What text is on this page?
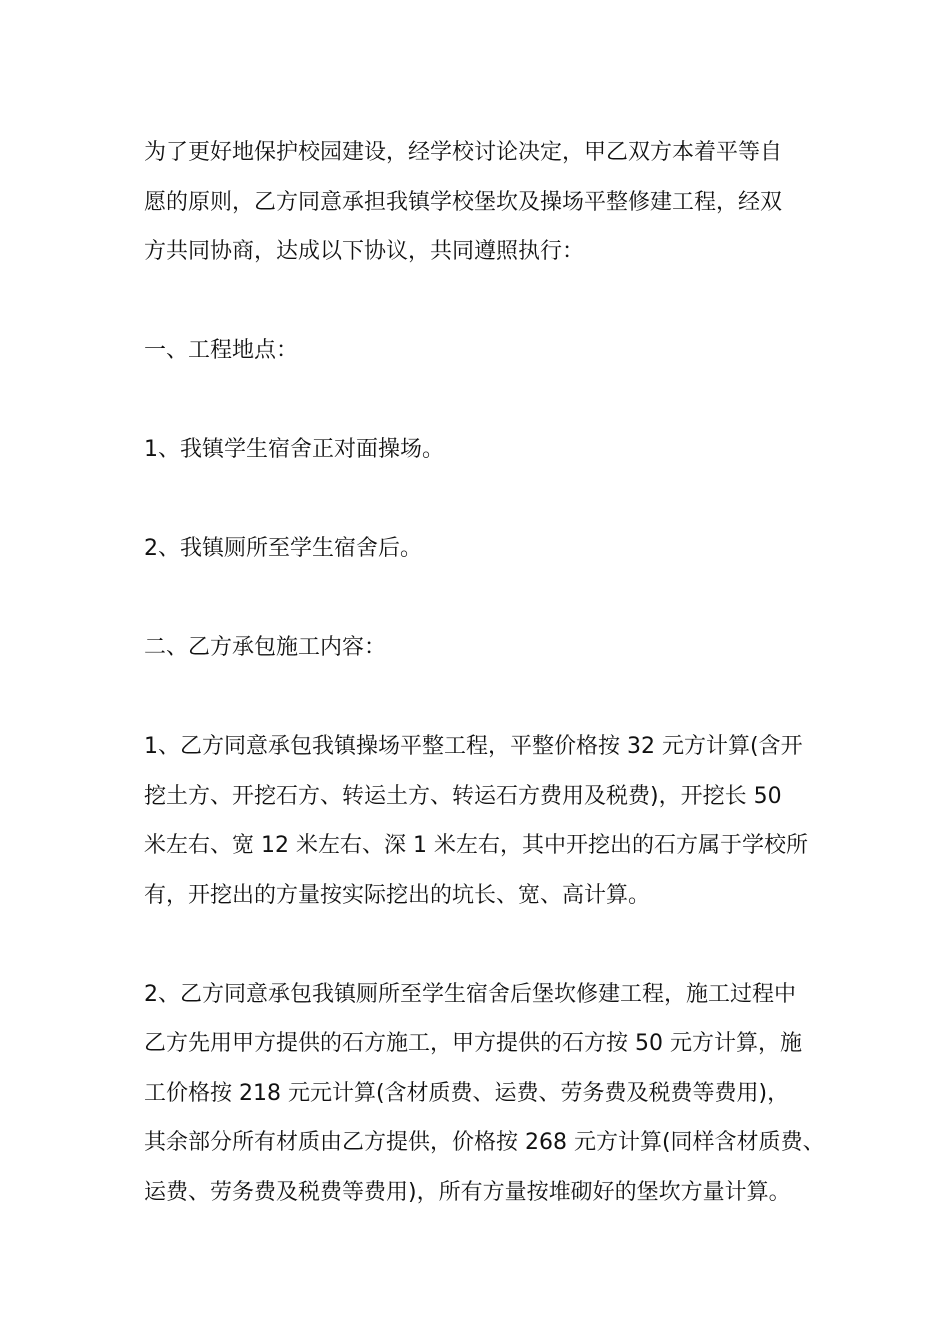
为了更好地保护校园建设，经学校讨论决定，甲乙双方本着平等自
愿的原则，乙方同意承担我镇学校堡坎及操场平整修建工程，经双
方共同协商，达成以下协议，共同遵照执行：

一、工程地点：

1、我镇学生宿舍正对面操场。

2、我镇厕所至学生宿舍后。

二、乙方承包施工内容：

1、乙方同意承包我镇操场平整工程，平整价格按 32 元方计算(含开
挖土方、开挖石方、转运土方、转运石方费用及税费)，开挖长 50
米左右、宽 12 米左右、深 1 米左右，其中开挖出的石方属于学校所
有，开挖出的方量按实际挖出的坑长、宽、高计算。

2、乙方同意承包我镇厕所至学生宿舍后堡坎修建工程，施工过程中
乙方先用甲方提供的石方施工，甲方提供的石方按 50 元方计算，施
工价格按 218 元元计算(含材质费、运费、劳务费及税费等费用)，
其余部分所有材质由乙方提供，价格按 268 元方计算(同样含材质费、
运费、劳务费及税费等费用)，所有方量按堆砌好的堡坎方量计算。
